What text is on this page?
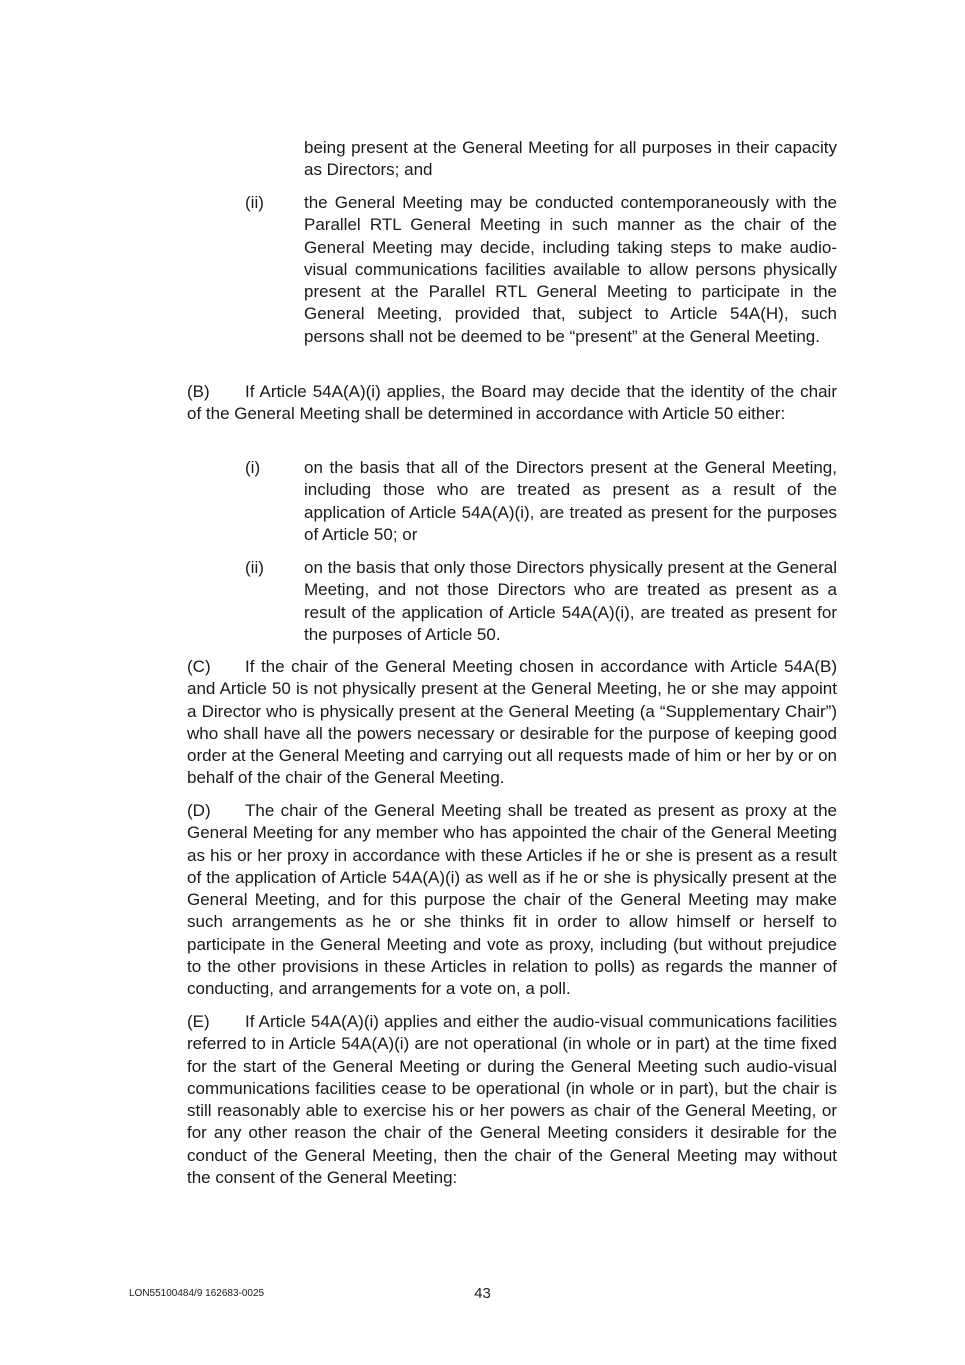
being present at the General Meeting for all purposes in their capacity as Directors; and

(ii)	the General Meeting may be conducted contemporaneously with the Parallel RTL General Meeting in such manner as the chair of the General Meeting may decide, including taking steps to make audio-visual communications facilities available to allow persons physically present at the Parallel RTL General Meeting to participate in the General Meeting, provided that, subject to Article 54A(H), such persons shall not be deemed to be “present” at the General Meeting.

(B) If Article 54A(A)(i) applies, the Board may decide that the identity of the chair of the General Meeting shall be determined in accordance with Article 50 either:

(i)	on the basis that all of the Directors present at the General Meeting, including those who are treated as present as a result of the application of Article 54A(A)(i), are treated as present for the purposes of Article 50; or
(ii)	on the basis that only those Directors physically present at the General Meeting, and not those Directors who are treated as present as a result of the application of Article 54A(A)(i), are treated as present for the purposes of Article 50.

(C) If the chair of the General Meeting chosen in accordance with Article 54A(B) and Article 50 is not physically present at the General Meeting, he or she may appoint a Director who is physically present at the General Meeting (a “Supplementary Chair”) who shall have all the powers necessary or desirable for the purpose of keeping good order at the General Meeting and carrying out all requests made of him or her by or on behalf of the chair of the General Meeting.

(D) The chair of the General Meeting shall be treated as present as proxy at the General Meeting for any member who has appointed the chair of the General Meeting as his or her proxy in accordance with these Articles if he or she is present as a result of the application of Article 54A(A)(i) as well as if he or she is physically present at the General Meeting, and for this purpose the chair of the General Meeting may make such arrangements as he or she thinks fit in order to allow himself or herself to participate in the General Meeting and vote as proxy, including (but without prejudice to the other provisions in these Articles in relation to polls) as regards the manner of conducting, and arrangements for a vote on, a poll.

(E) If Article 54A(A)(i) applies and either the audio-visual communications facilities referred to in Article 54A(A)(i) are not operational (in whole or in part) at the time fixed for the start of the General Meeting or during the General Meeting such audio-visual communications facilities cease to be operational (in whole or in part), but the chair is still reasonably able to exercise his or her powers as chair of the General Meeting, or for any other reason the chair of the General Meeting considers it desirable for the conduct of the General Meeting, then the chair of the General Meeting may without the consent of the General Meeting:

LON55100484/9 162683-0025	43
